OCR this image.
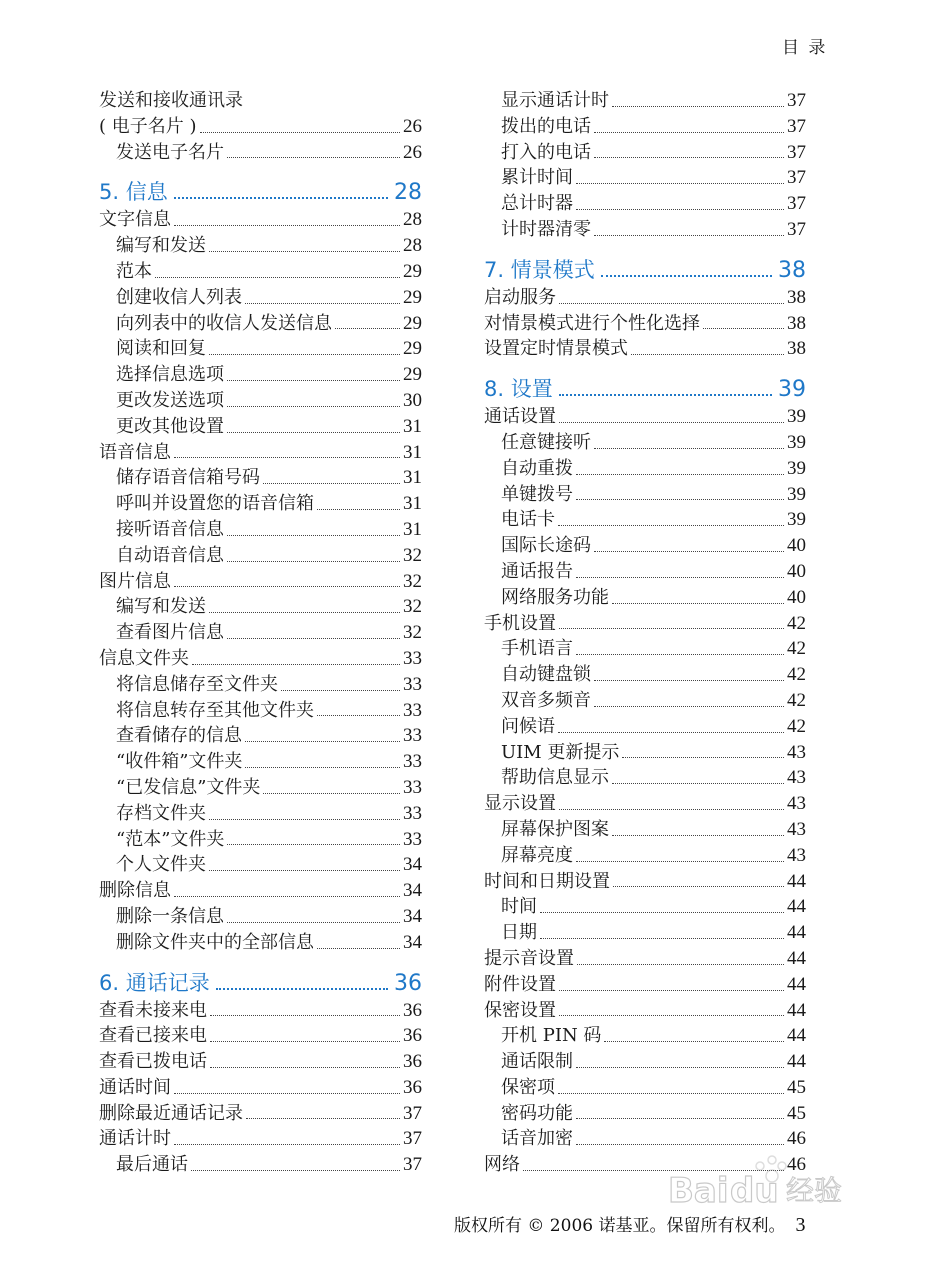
目 录
发送和接收通讯录
( 电子名片 )	26
发送电子名片	26
5. 信息	28
文字信息	28
编写和发送	28
范本	29
创建收信人列表	29
向列表中的收信人发送信息	29
阅读和回复	29
选择信息选项	29
更改发送选项	30
更改其他设置	31
语音信息	31
储存语音信箱号码	31
呼叫并设置您的语音信箱	31
接听语音信息	31
自动语音信息	32
图片信息	32
编写和发送	32
查看图片信息	32
信息文件夹	33
将信息储存至文件夹	33
将信息转存至其他文件夹	33
查看储存的信息	33
“收件箱”文件夹	33
“已发信息”文件夹	33
存档文件夹	33
“范本”文件夹	33
个人文件夹	34
删除信息	34
删除一条信息	34
删除文件夹中的全部信息	34
6. 通话记录	36
查看未接来电	36
查看已接来电	36
查看已拨电话	36
通话时间	36
删除最近通话记录	37
通话计时	37
最后通话	37
显示通话计时	37
拨出的电话	37
打入的电话	37
累计时间	37
总计时器	37
计时器清零	37
7. 情景模式	38
启动服务	38
对情景模式进行个性化选择	38
设置定时情景模式	38
8. 设置	39
通话设置	39
任意键接听	39
自动重拨	39
单键拨号	39
电话卡	39
国际长途码	40
通话报告	40
网络服务功能	40
手机设置	42
手机语言	42
自动键盘锁	42
双音多频音	42
问候语	42
UIM 更新提示	43
帮助信息显示	43
显示设置	43
屏幕保护图案	43
屏幕亮度	43
时间和日期设置	44
时间	44
日期	44
提示音设置	44
附件设置	44
保密设置	44
开机 PIN 码	44
通话限制	44
保密项	45
密码功能	45
话音加密	46
网络	46
版权所有 © 2006 诺基亚。保留所有权利。 3
Bai du 经验
